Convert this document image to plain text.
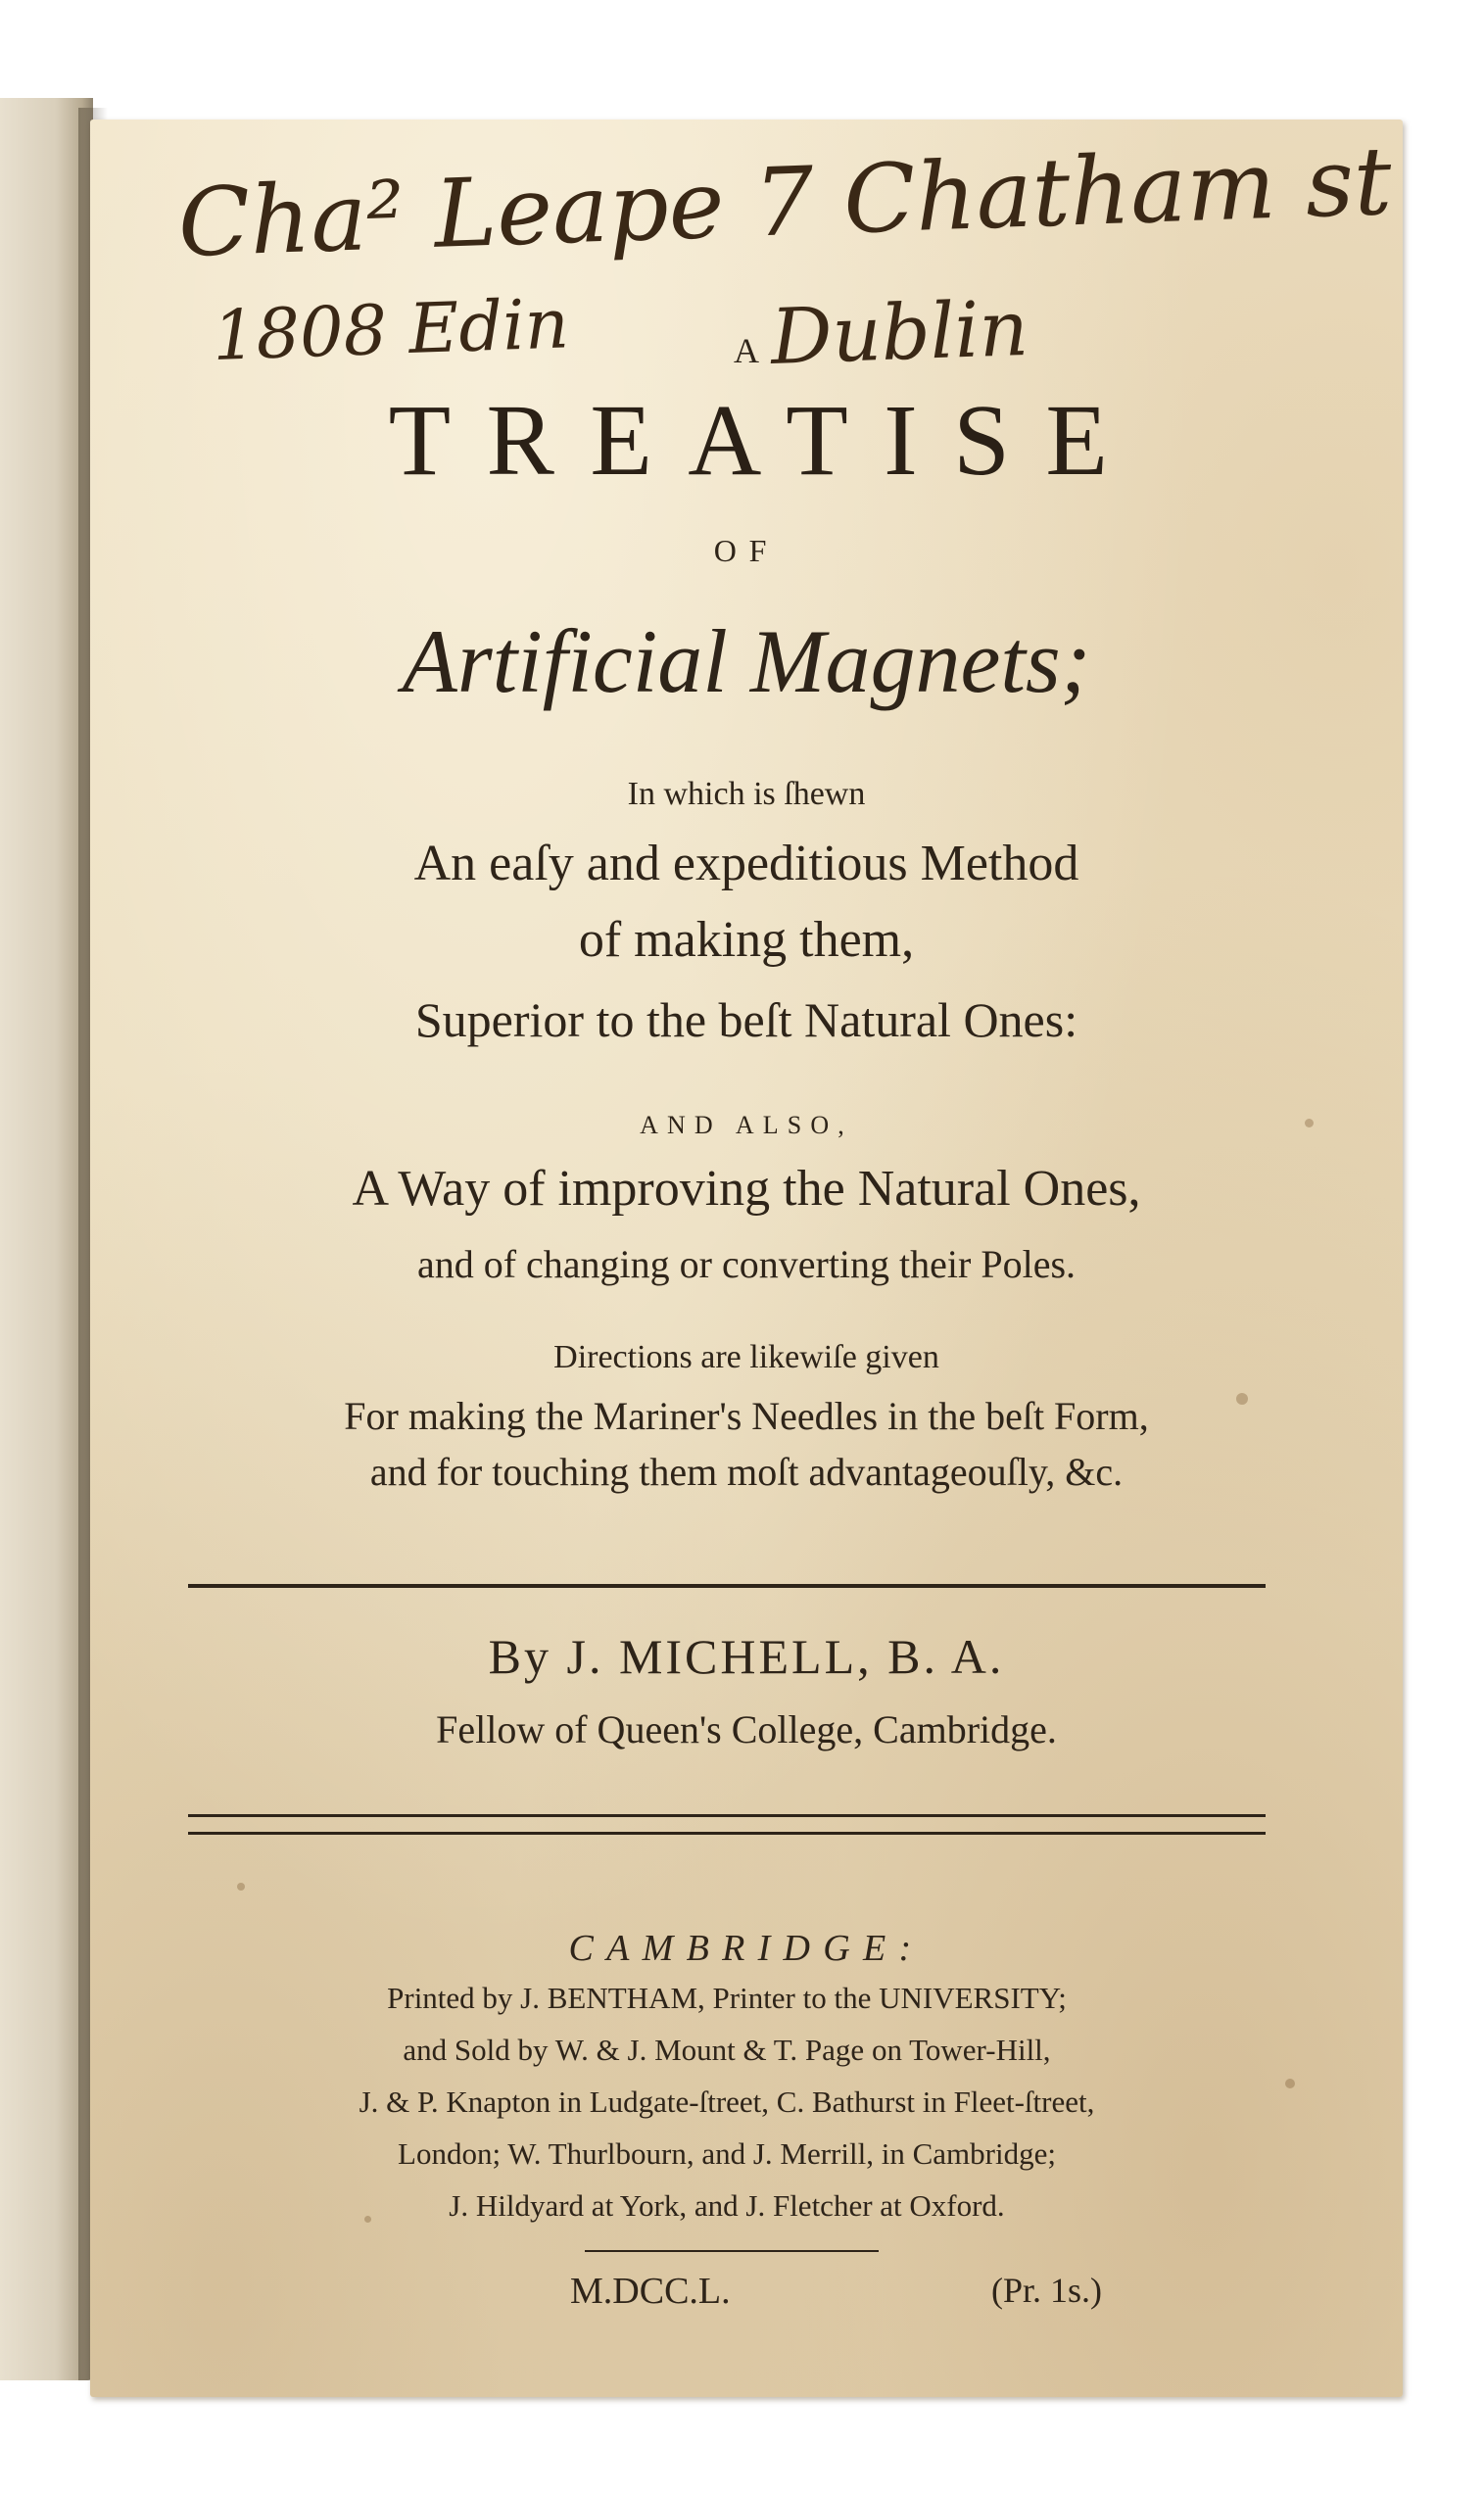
Cha² Leape 7 Chatham st
1808 Edin	Dublin
A
TREATISE
OF
Artificial Magnets;
In which is ſhewn
An eaſy and expeditious Method
of making them,
Superior to the beſt Natural Ones:
AND ALSO,
A Way of improving the Natural Ones,
and of changing or converting their Poles.
Directions are likewiſe given
For making the Mariner's Needles in the beſt Form,
and for touching them moſt advantageouſly, &c.
By J. MICHELL, B. A.
Fellow of Queen's College, Cambridge.
CAMBRIDGE:
Printed by J. BENTHAM, Printer to the UNIVERSITY;
and Sold by W. & J. Mount & T. Page on Tower-Hill,
J. & P. Knapton in Ludgate-ſtreet, C. Bathurst in Fleet-ſtreet,
London; W. Thurlbourn, and J. Merrill, in Cambridge;
J. Hildyard at York, and J. Fletcher at Oxford.
M.DCC.L.	(Pr. 1s.)
